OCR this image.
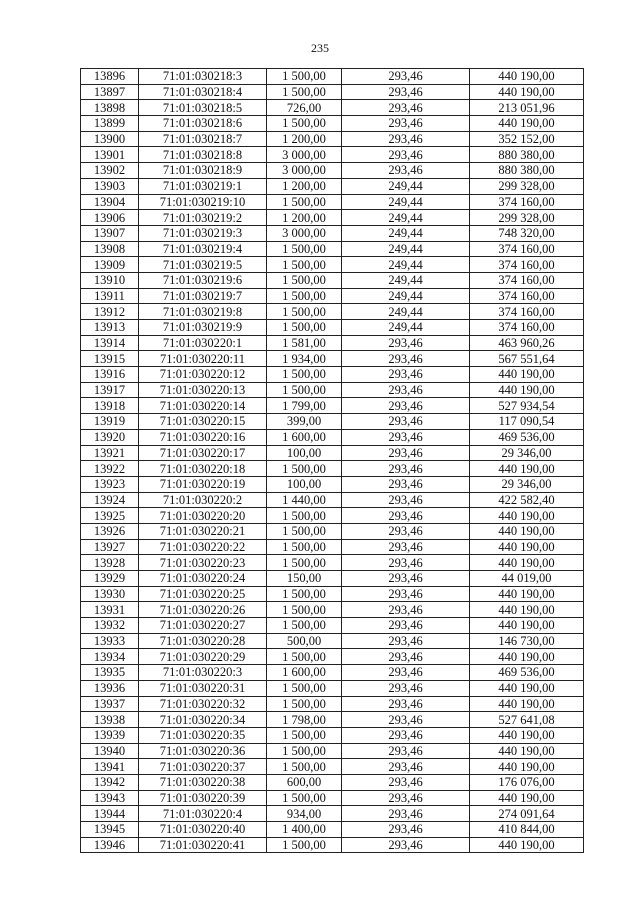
235
13896	71:01:030218:3	1 500,00	293,46	440 190,00
13897	71:01:030218:4	1 500,00	293,46	440 190,00
13898	71:01:030218:5	726,00	293,46	213 051,96
13899	71:01:030218:6	1 500,00	293,46	440 190,00
13900	71:01:030218:7	1 200,00	293,46	352 152,00
13901	71:01:030218:8	3 000,00	293,46	880 380,00
13902	71:01:030218:9	3 000,00	293,46	880 380,00
13903	71:01:030219:1	1 200,00	249,44	299 328,00
13904	71:01:030219:10	1 500,00	249,44	374 160,00
13906	71:01:030219:2	1 200,00	249,44	299 328,00
13907	71:01:030219:3	3 000,00	249,44	748 320,00
13908	71:01:030219:4	1 500,00	249,44	374 160,00
13909	71:01:030219:5	1 500,00	249,44	374 160,00
13910	71:01:030219:6	1 500,00	249,44	374 160,00
13911	71:01:030219:7	1 500,00	249,44	374 160,00
13912	71:01:030219:8	1 500,00	249,44	374 160,00
13913	71:01:030219:9	1 500,00	249,44	374 160,00
13914	71:01:030220:1	1 581,00	293,46	463 960,26
13915	71:01:030220:11	1 934,00	293,46	567 551,64
13916	71:01:030220:12	1 500,00	293,46	440 190,00
13917	71:01:030220:13	1 500,00	293,46	440 190,00
13918	71:01:030220:14	1 799,00	293,46	527 934,54
13919	71:01:030220:15	399,00	293,46	117 090,54
13920	71:01:030220:16	1 600,00	293,46	469 536,00
13921	71:01:030220:17	100,00	293,46	29 346,00
13922	71:01:030220:18	1 500,00	293,46	440 190,00
13923	71:01:030220:19	100,00	293,46	29 346,00
13924	71:01:030220:2	1 440,00	293,46	422 582,40
13925	71:01:030220:20	1 500,00	293,46	440 190,00
13926	71:01:030220:21	1 500,00	293,46	440 190,00
13927	71:01:030220:22	1 500,00	293,46	440 190,00
13928	71:01:030220:23	1 500,00	293,46	440 190,00
13929	71:01:030220:24	150,00	293,46	44 019,00
13930	71:01:030220:25	1 500,00	293,46	440 190,00
13931	71:01:030220:26	1 500,00	293,46	440 190,00
13932	71:01:030220:27	1 500,00	293,46	440 190,00
13933	71:01:030220:28	500,00	293,46	146 730,00
13934	71:01:030220:29	1 500,00	293,46	440 190,00
13935	71:01:030220:3	1 600,00	293,46	469 536,00
13936	71:01:030220:31	1 500,00	293,46	440 190,00
13937	71:01:030220:32	1 500,00	293,46	440 190,00
13938	71:01:030220:34	1 798,00	293,46	527 641,08
13939	71:01:030220:35	1 500,00	293,46	440 190,00
13940	71:01:030220:36	1 500,00	293,46	440 190,00
13941	71:01:030220:37	1 500,00	293,46	440 190,00
13942	71:01:030220:38	600,00	293,46	176 076,00
13943	71:01:030220:39	1 500,00	293,46	440 190,00
13944	71:01:030220:4	934,00	293,46	274 091,64
13945	71:01:030220:40	1 400,00	293,46	410 844,00
13946	71:01:030220:41	1 500,00	293,46	440 190,00
